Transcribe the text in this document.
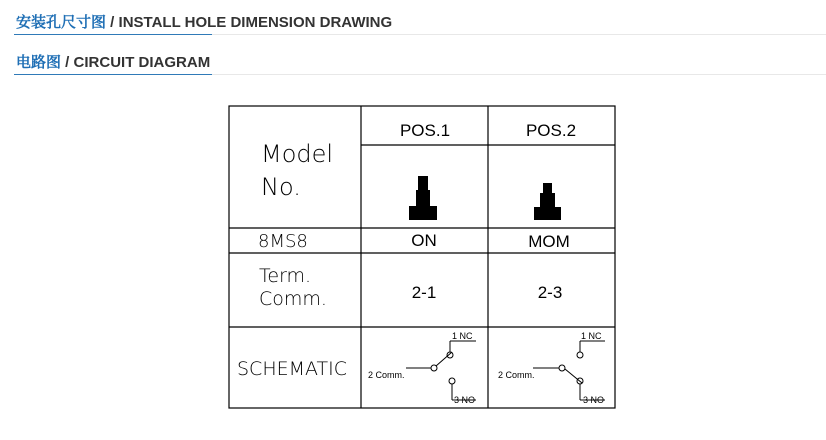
安装孔尺寸图 / INSTALL HOLE DIMENSION DRAWING
电路图 / CIRCUIT DIAGRAM
Model
No.
POS.1	POS.2
8MS8	ON	MOM
Term.
Comm.	2-1	2-3
SCHEMATIC
1 NC
2 Comm.
3 NO
1 NC
2 Comm.
3 NO
